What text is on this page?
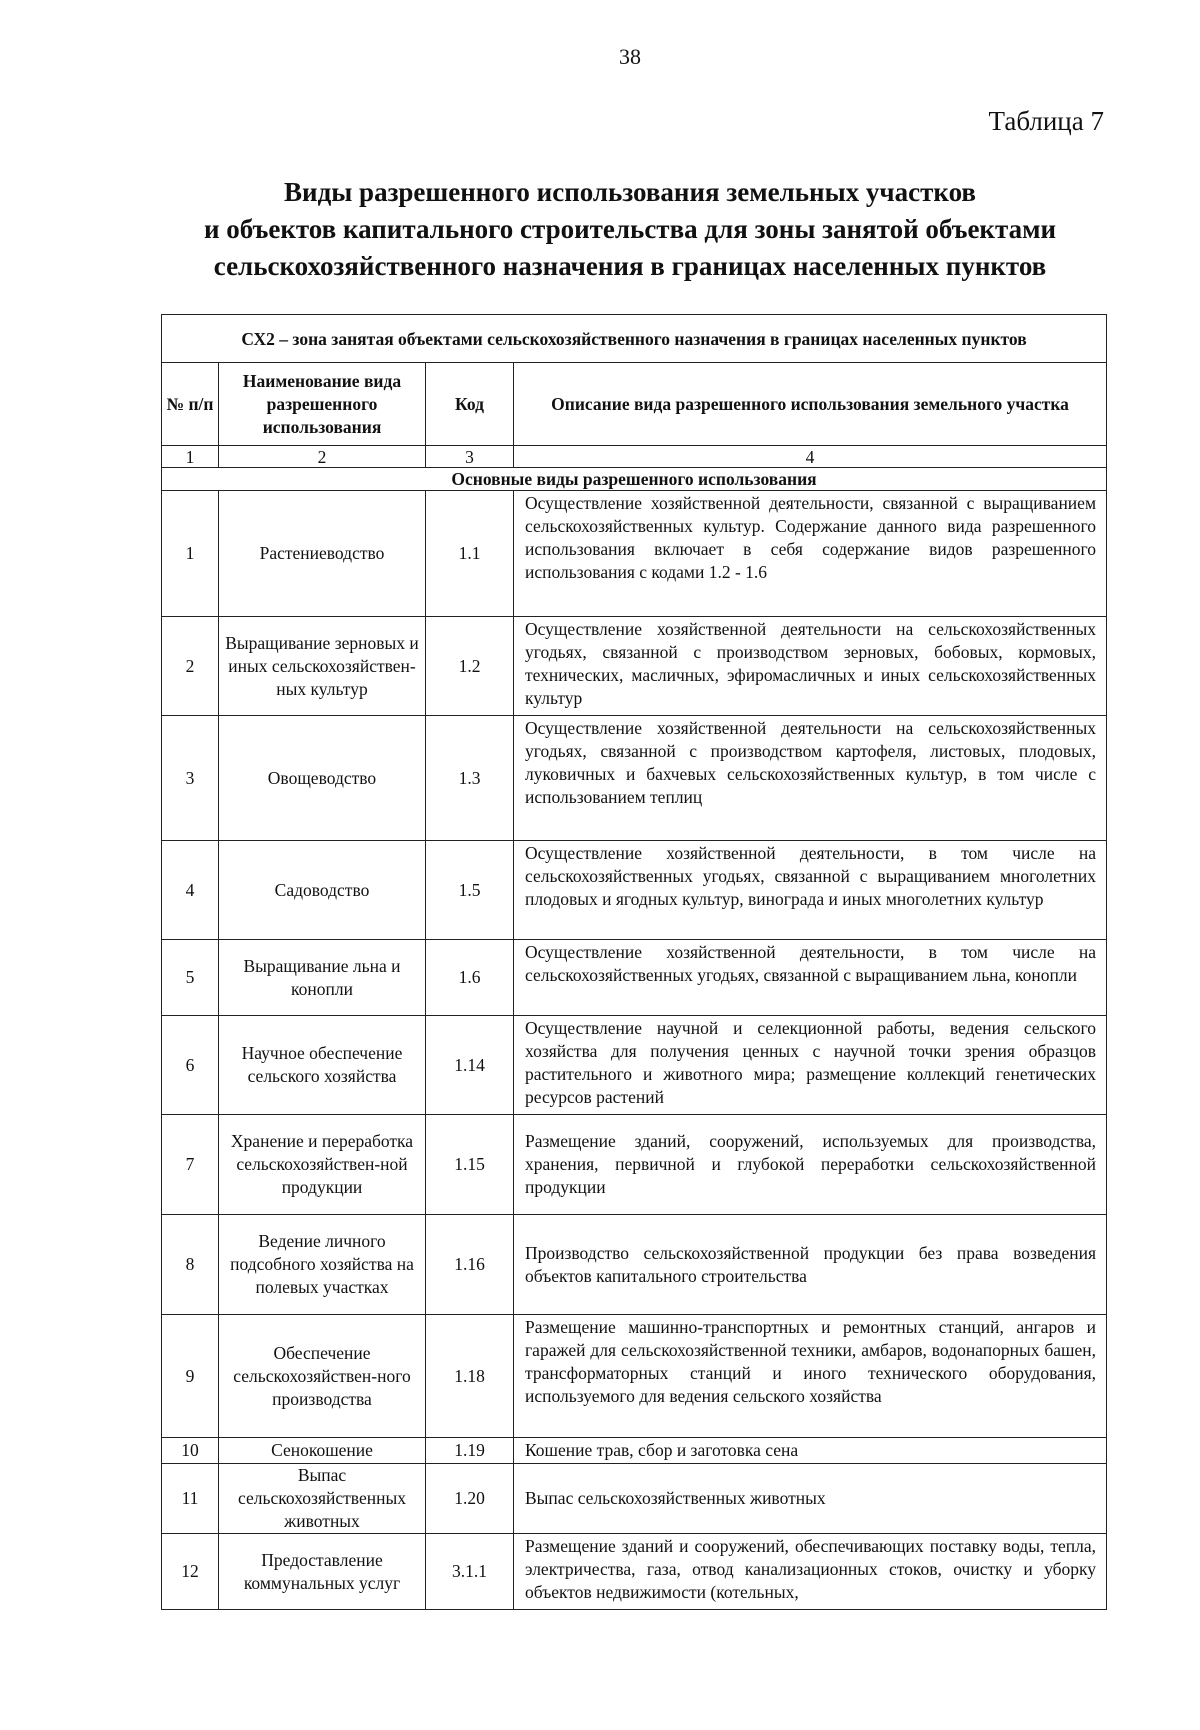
38
Таблица 7
Виды разрешенного использования земельных участков
и объектов капитального строительства для зоны занятой объектами
сельскохозяйственного назначения в границах населенных пунктов
СХ2 – зона занятая объектами сельскохозяйственного назначения в границах населенных пунктов			
№ п/п	Наименование вида разрешенного использования	Код	Описание вида разрешенного использования земельного участка
1	2	3	4
Основные виды разрешенного использования			
1	Растениеводство	1.1	Осуществление хозяйственной деятельности, связанной с выращиванием сельскохозяйственных культур. Содержание данного вида разрешенного использования включает в себя содержание видов разрешенного использования с кодами 1.2 - 1.6
2	Выращивание зерновых и иных сельскохозяйствен-ных культур	1.2	Осуществление хозяйственной деятельности на сельскохозяйственных угодьях, связанной с производством зерновых, бобовых, кормовых, технических, масличных, эфиромасличных и иных сельскохозяйственных культур
3	Овощеводство	1.3	Осуществление хозяйственной деятельности на сельскохозяйственных угодьях, связанной с производством картофеля, листовых, плодовых, луковичных и бахчевых сельскохозяйственных культур, в том числе с использованием теплиц
4	Садоводство	1.5	Осуществление хозяйственной деятельности, в том числе на сельскохозяйственных угодьях, связанной с выращиванием многолетних плодовых и ягодных культур, винограда и иных многолетних культур
5	Выращивание льна и конопли	1.6	Осуществление хозяйственной деятельности, в том числе на сельскохозяйственных угодьях, связанной с выращиванием льна, конопли
6	Научное обеспечение сельского хозяйства	1.14	Осуществление научной и селекционной работы, ведения сельского хозяйства для получения ценных с научной точки зрения образцов растительного и животного мира; размещение коллекций генетических ресурсов растений
7	Хранение и переработка сельскохозяйствен-ной продукции	1.15	Размещение зданий, сооружений, используемых для производства, хранения, первичной и глубокой переработки сельскохозяйственной продукции
8	Ведение личного подсобного хозяйства на полевых участках	1.16	Производство сельскохозяйственной продукции без права возведения объектов капитального строительства
9	Обеспечение сельскохозяйствен-ного производства	1.18	Размещение машинно-транспортных и ремонтных станций, ангаров и гаражей для сельскохозяйственной техники, амбаров, водонапорных башен, трансформаторных станций и иного технического оборудования, используемого для ведения сельского хозяйства
10	Сенокошение	1.19	Кошение трав, сбор и заготовка сена
11	Выпас сельскохозяйственных животных	1.20	Выпас сельскохозяйственных животных
12	Предоставление коммунальных услуг	3.1.1	Размещение зданий и сооружений, обеспечивающих поставку воды, тепла, электричества, газа, отвод канализационных стоков, очистку и уборку объектов недвижимости (котельных,
